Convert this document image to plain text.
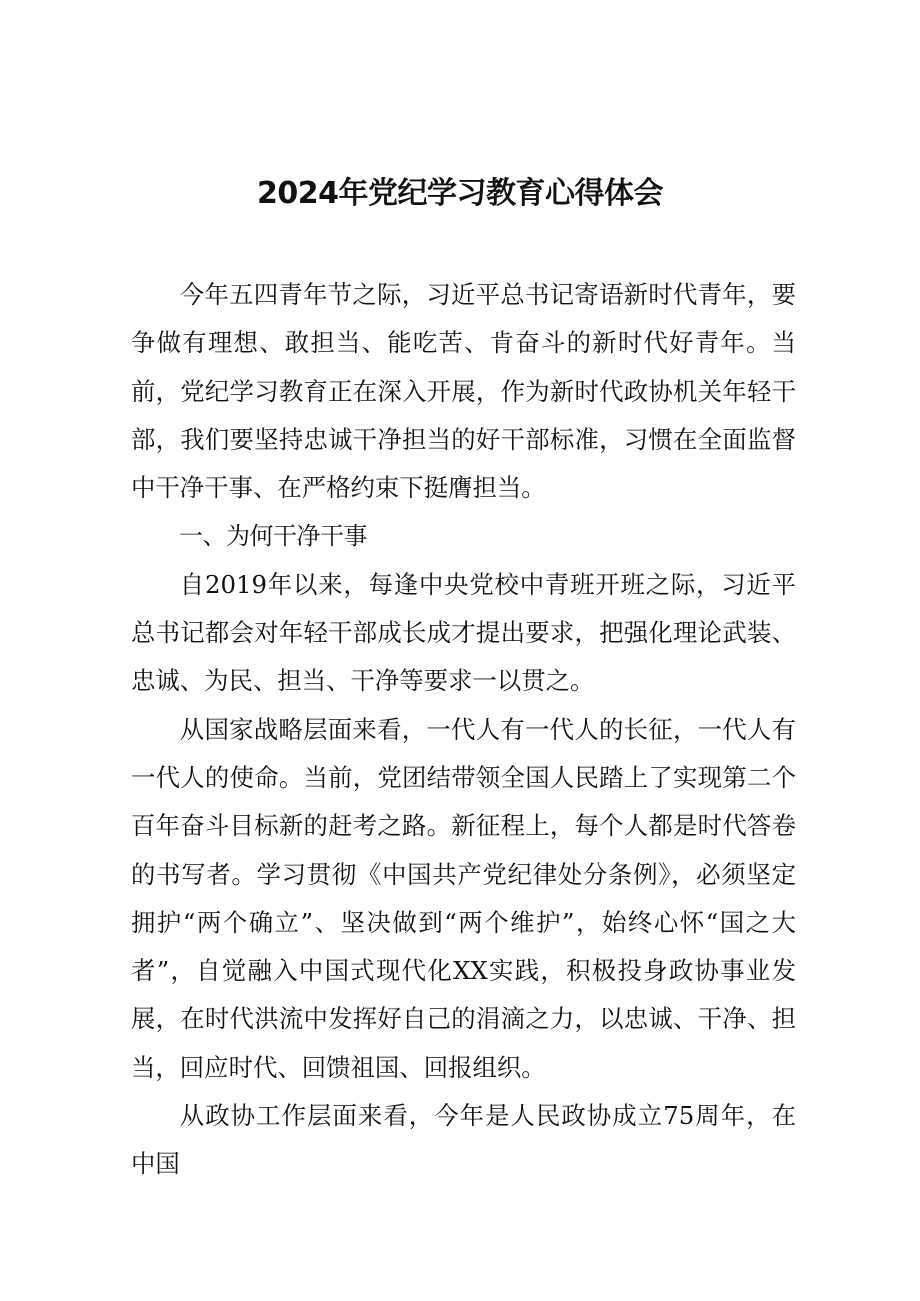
2024年党纪学习教育心得体会

今年五四青年节之际，习近平总书记寄语新时代青年，要争做有理想、敢担当、能吃苦、肯奋斗的新时代好青年。当前，党纪学习教育正在深入开展，作为新时代政协机关年轻干部，我们要坚持忠诚干净担当的好干部标准，习惯在全面监督中干净干事、在严格约束下挺膺担当。

一、为何干净干事

自2019年以来，每逢中央党校中青班开班之际，习近平总书记都会对年轻干部成长成才提出要求，把强化理论武装、忠诚、为民、担当、干净等要求一以贯之。

从国家战略层面来看，一代人有一代人的长征，一代人有一代人的使命。当前，党团结带领全国人民踏上了实现第二个百年奋斗目标新的赶考之路。新征程上，每个人都是时代答卷的书写者。学习贯彻《中国共产党纪律处分条例》，必须坚定拥护“两个确立”、坚决做到“两个维护”，始终心怀“国之大者”，自觉融入中国式现代化XX实践，积极投身政协事业发展，在时代洪流中发挥好自己的涓滴之力，以忠诚、干净、担当，回应时代、回馈祖国、回报组织。

从政协工作层面来看，今年是人民政协成立75周年，在中国
